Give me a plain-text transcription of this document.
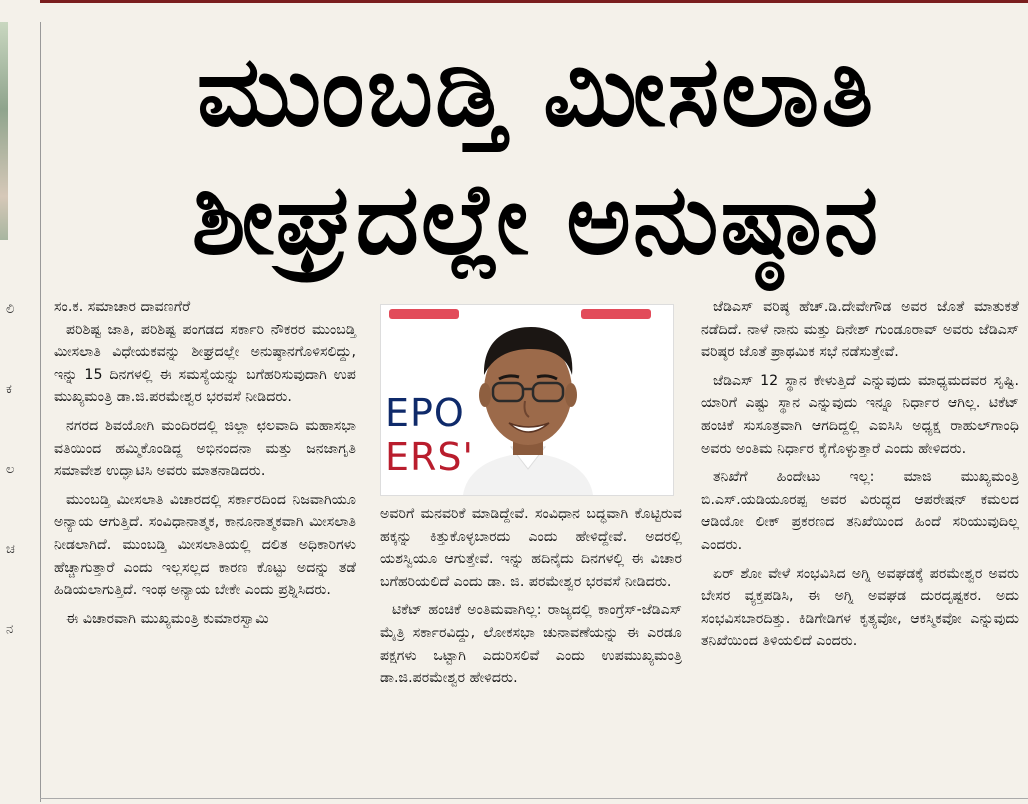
ಲಿ

ಕ

ಲ

ಚ

ನ
ಮುಂಬಡ್ತಿ ಮೀಸಲಾತಿ
ಶೀಘ್ರದಲ್ಲೇ ಅನುಷ್ಠಾನ

ಸಂ.ಕ. ಸಮಾಚಾರ ದಾವಣಗೆರೆ

ಪರಿಶಿಷ್ಟ ಜಾತಿ, ಪರಿಶಿಷ್ಟ ಪಂಗಡದ ಸರ್ಕಾರಿ ನೌಕರರ ಮುಂಬಡ್ತಿ ಮೀಸಲಾತಿ ವಿಧೇಯಕವನ್ನು ಶೀಘ್ರದಲ್ಲೇ ಅನುಷ್ಠಾನಗೊಳಿಸಲಿದ್ದು, ಇನ್ನು 15 ದಿನಗಳಲ್ಲಿ ಈ ಸಮಸ್ಯೆಯನ್ನು ಬಗೆಹರಿಸುವುದಾಗಿ ಉಪ ಮುಖ್ಯಮಂತ್ರಿ ಡಾ.ಜಿ.ಪರಮೇಶ್ವರ ಭರವಸೆ ನೀಡಿದರು.

ನಗರದ ಶಿವಯೋಗಿ ಮಂದಿರದಲ್ಲಿ ಜಿಲ್ಲಾ ಛಲವಾದಿ ಮಹಾಸಭಾ ವತಿಯಿಂದ ಹಮ್ಮಿಕೊಂಡಿದ್ದ ಅಭಿನಂದನಾ ಮತ್ತು ಜನಜಾಗೃತಿ ಸಮಾವೇಶ ಉದ್ಘಾಟಿಸಿ ಅವರು ಮಾತನಾಡಿದರು.

ಮುಂಬಡ್ತಿ ಮೀಸಲಾತಿ ವಿಚಾರದಲ್ಲಿ ಸರ್ಕಾರದಿಂದ ನಿಜವಾಗಿಯೂ ಅನ್ಯಾಯ ಆಗುತ್ತಿದೆ. ಸಂವಿಧಾನಾತ್ಮಕ, ಕಾನೂನಾತ್ಮಕವಾಗಿ ಮೀಸಲಾತಿ ನೀಡಲಾಗಿದೆ. ಮುಂಬಡ್ತಿ ಮೀಸಲಾತಿಯಲ್ಲಿ ದಲಿತ ಅಧಿಕಾರಿಗಳು ಹೆಚ್ಚಾಗುತ್ತಾರೆ ಎಂದು ಇಲ್ಲಸಲ್ಲದ ಕಾರಣ ಕೊಟ್ಟು ಅದನ್ನು ತಡೆ ಹಿಡಿಯಲಾಗುತ್ತಿದೆ. ಇಂಥ ಅನ್ಯಾಯ ಬೇಕೇ ಎಂದು ಪ್ರಶ್ನಿಸಿದರು.

ಈ ವಿಚಾರವಾಗಿ ಮುಖ್ಯಮಂತ್ರಿ ಕುಮಾರಸ್ವಾಮಿ

EPOERS'

ಅವರಿಗೆ ಮನವರಿಕೆ ಮಾಡಿದ್ದೇವೆ. ಸಂವಿಧಾನ ಬದ್ಧವಾಗಿ ಕೊಟ್ಟಿರುವ ಹಕ್ಕನ್ನು ಕಿತ್ತುಕೊಳ್ಳಬಾರದು ಎಂದು ಹೇಳಿದ್ದೇವೆ. ಅದರಲ್ಲಿ ಯಶಸ್ವಿಯೂ ಆಗುತ್ತೇವೆ. ಇನ್ನು ಹದಿನೈದು ದಿನಗಳಲ್ಲಿ ಈ ವಿಚಾರ ಬಗೆಹರಿಯಲಿದೆ ಎಂದು ಡಾ. ಜಿ. ಪರಮೇಶ್ವರ ಭರವಸೆ ನೀಡಿದರು.

ಟಿಕೆಟ್ ಹಂಚಿಕೆ ಅಂತಿಮವಾಗಿಲ್ಲ: ರಾಜ್ಯದಲ್ಲಿ ಕಾಂಗ್ರೆಸ್-ಜೆಡಿಎಸ್ ಮೈತ್ರಿ ಸರ್ಕಾರವಿದ್ದು, ಲೋಕಸಭಾ ಚುನಾವಣೆಯನ್ನು ಈ ಎರಡೂ ಪಕ್ಷಗಳು ಒಟ್ಟಾಗಿ ಎದುರಿಸಲಿವೆ ಎಂದು ಉಪಮುಖ್ಯಮಂತ್ರಿ ಡಾ.ಜಿ.ಪರಮೇಶ್ವರ ಹೇಳಿದರು.

ಜೆಡಿಎಸ್ ವರಿಷ್ಠ ಹೆಚ್.ಡಿ.ದೇವೇಗೌಡ ಅವರ ಜೊತೆ ಮಾತುಕತೆ ನಡೆದಿದೆ. ನಾಳೆ ನಾನು ಮತ್ತು ದಿನೇಶ್ ಗುಂಡೂರಾವ್ ಅವರು ಜೆಡಿಎಸ್ ವರಿಷ್ಠರ ಜೊತೆ ಪ್ರಾಥಮಿಕ ಸಭೆ ನಡೆಸುತ್ತೇವೆ.

ಜೆಡಿಎಸ್ 12 ಸ್ಥಾನ ಕೇಳುತ್ತಿದೆ ಎನ್ನುವುದು ಮಾಧ್ಯಮದವರ ಸೃಷ್ಟಿ. ಯಾರಿಗೆ ಎಷ್ಟು ಸ್ಥಾನ ಎನ್ನುವುದು ಇನ್ನೂ ನಿರ್ಧಾರ ಆಗಿಲ್ಲ. ಟಿಕೆಟ್ ಹಂಚಿಕೆ ಸುಸೂತ್ರವಾಗಿ ಆಗದಿದ್ದಲ್ಲಿ ಎಐಸಿಸಿ ಅಧ್ಯಕ್ಷ ರಾಹುಲ್‌ಗಾಂಧಿ ಅವರು ಅಂತಿಮ ನಿರ್ಧಾರ ಕೈಗೊಳ್ಳುತ್ತಾರೆ ಎಂದು ಹೇಳಿದರು.

ತನಿಖೆಗೆ ಹಿಂದೇಟು ಇಲ್ಲ: ಮಾಜಿ ಮುಖ್ಯಮಂತ್ರಿ ಬಿ.ಎಸ್.ಯಡಿಯೂರಪ್ಪ ಅವರ ವಿರುದ್ಧದ ಆಪರೇಷನ್ ಕಮಲದ ಆಡಿಯೋ ಲೀಕ್ ಪ್ರಕರಣದ ತನಿಖೆಯಿಂದ ಹಿಂದೆ ಸರಿಯುವುದಿಲ್ಲ ಎಂದರು.

ಏರ್ ಶೋ ವೇಳೆ ಸಂಭವಿಸಿದ ಅಗ್ನಿ ಅವಘಡಕ್ಕೆ ಪರಮೇಶ್ವರ ಅವರು ಬೇಸರ ವ್ಯಕ್ತಪಡಿಸಿ, ಈ ಅಗ್ನಿ ಅವಘಡ ದುರದೃಷ್ಟಕರ. ಅದು ಸಂಭವಿಸಬಾರದಿತ್ತು. ಕಿಡಿಗೇಡಿಗಳ ಕೃತ್ಯವೋ, ಆಕಸ್ಮಿಕವೋ ಎನ್ನುವುದು ತನಿಖೆಯಿಂದ ತಿಳಿಯಲಿದೆ ಎಂದರು.
